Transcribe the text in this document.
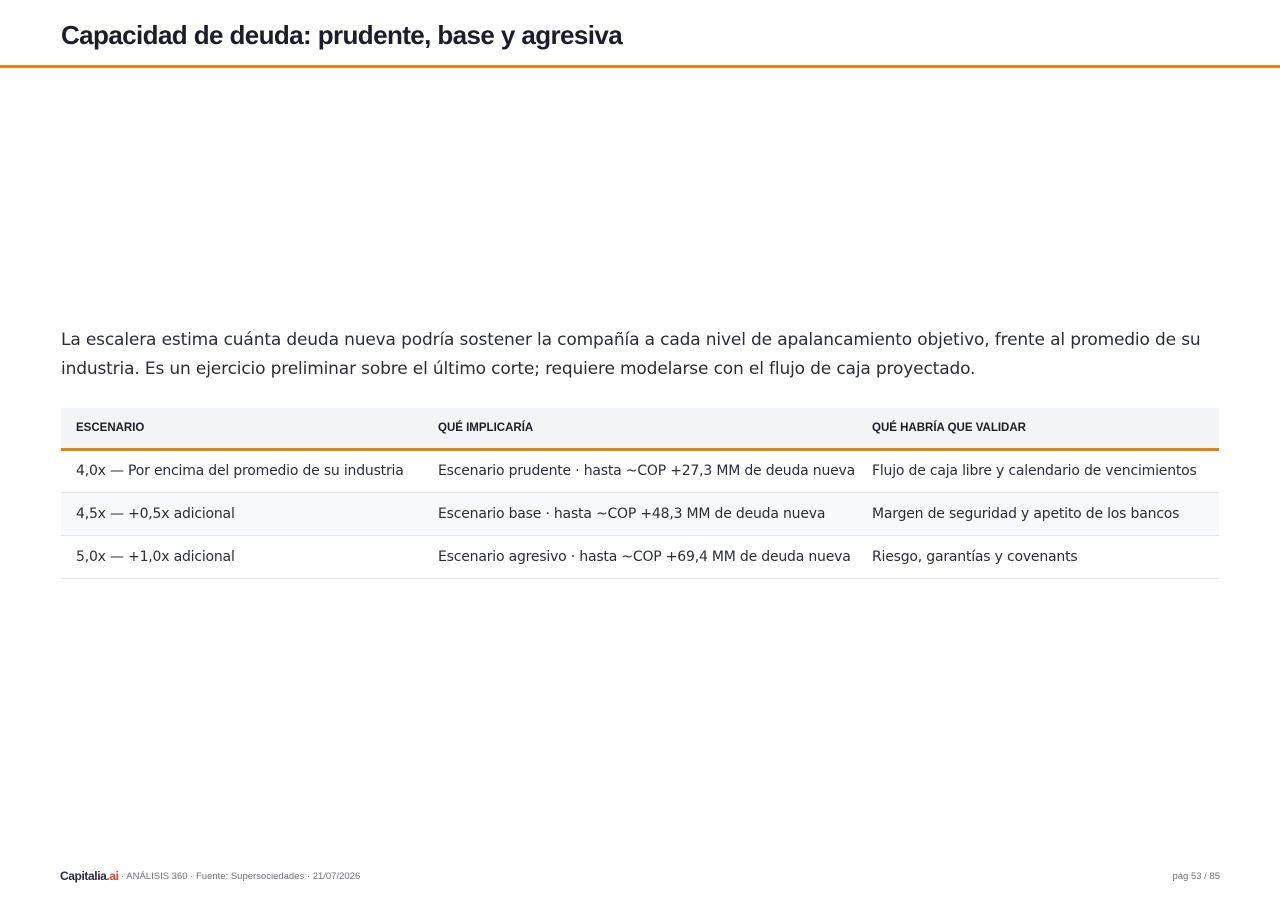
Capacidad de deuda: prudente, base y agresiva

La escalera estima cuánta deuda nueva podría sostener la compañía a cada nivel de apalancamiento objetivo, frente al promedio de su industria. Es un ejercicio preliminar sobre el último corte; requiere modelarse con el flujo de caja proyectado.

ESCENARIO	QUÉ IMPLICARÍA	QUÉ HABRÍA QUE VALIDAR
4,0x — Por encima del promedio de su industria	Escenario prudente · hasta ~COP +27,3 MM de deuda nueva	Flujo de caja libre y calendario de vencimientos
4,5x — +0,5x adicional	Escenario base · hasta ~COP +48,3 MM de deuda nueva	Margen de seguridad y apetito de los bancos
5,0x — +1,0x adicional	Escenario agresivo · hasta ~COP +69,4 MM de deuda nueva	Riesgo, garantías y covenants
Capitalia.ai · ANÁLISIS 360 · Fuente: Supersociedades · 21/07/2026	pág 53 / 85
